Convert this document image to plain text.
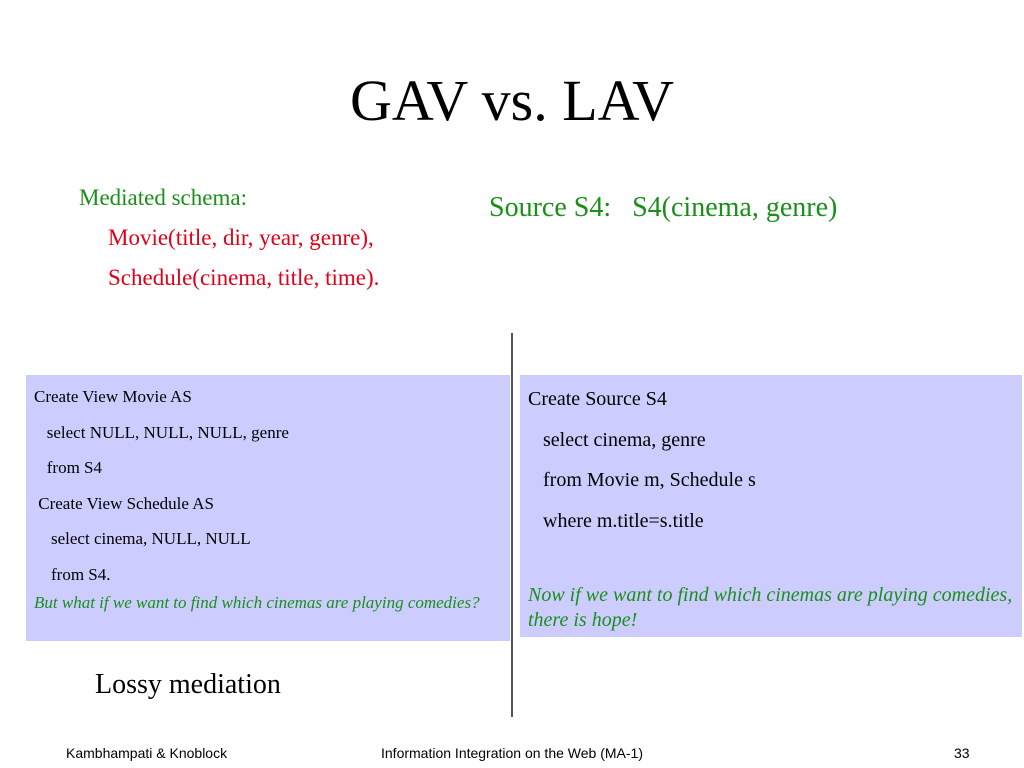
GAV vs. LAV
Mediated schema:
Movie(title, dir, year, genre),
Schedule(cinema, title, time).
Source S4:   S4(cinema, genre)
Create View Movie AS
select NULL, NULL, NULL, genre
from S4
Create View Schedule AS
select cinema, NULL, NULL
from S4.
But what if we want to find which cinemas are playing comedies?
Create Source S4
select cinema, genre
from Movie m, Schedule s
where m.title=s.title
Now if we want to find which cinemas are playing comedies, there is hope!
Lossy mediation
Kambhampati & Knoblock	Information Integration on the Web (MA-1)	33
